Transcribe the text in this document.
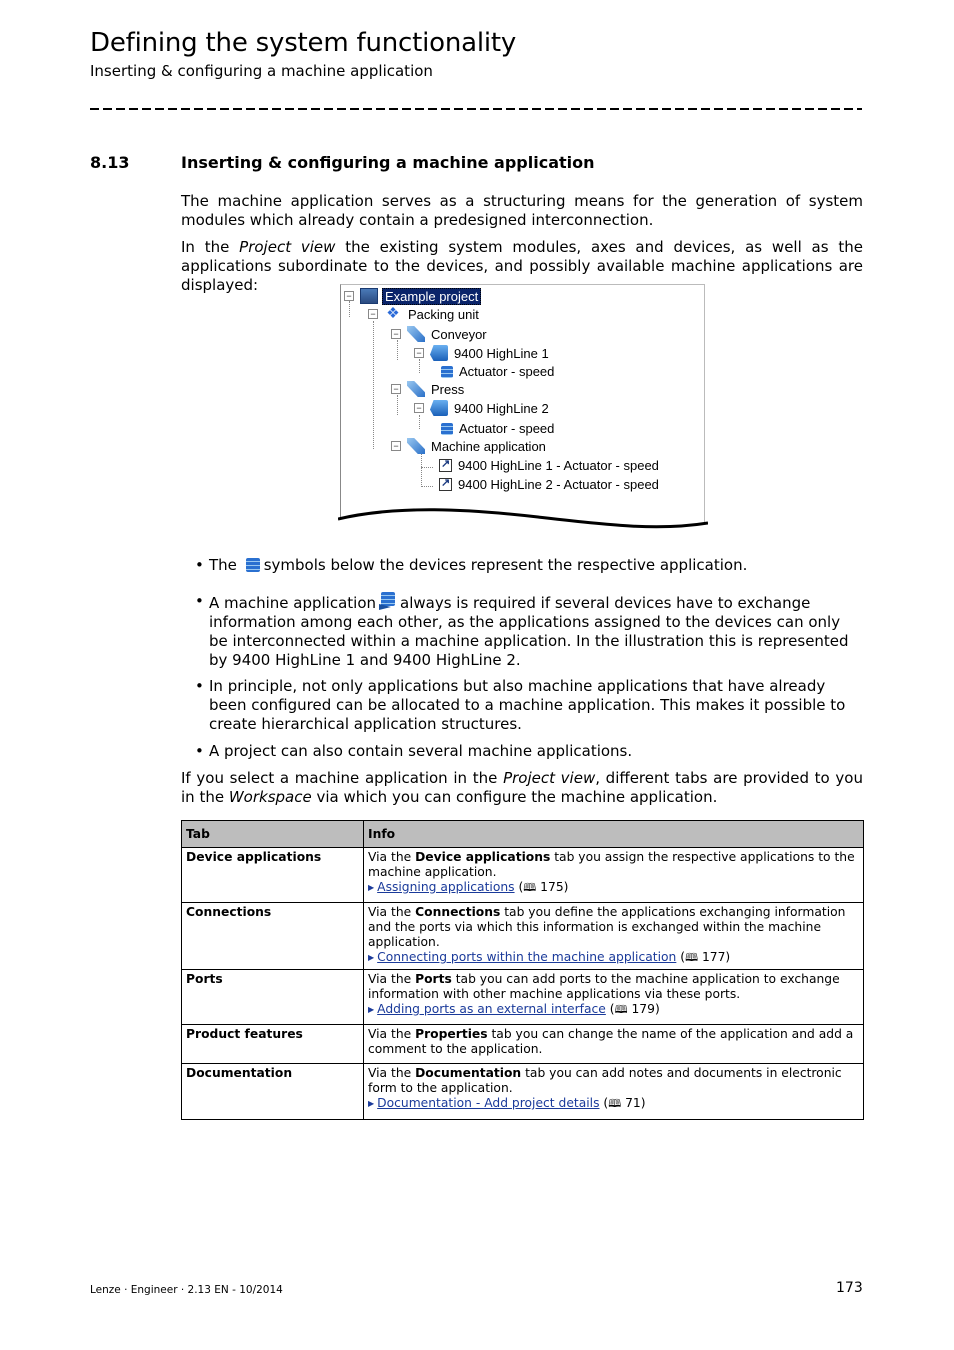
Defining the system functionality
Inserting & configuring a machine application
8.13	Inserting & configuring a machine application

The machine application serves as a structuring means for the generation of system modules which already contain a predesigned interconnection.

In the Project view the existing system modules, axes and devices, as well as the applications subordinate to the devices, and possibly available machine applications are displayed:

−	Example project
− ❖ Packing unit
− Conveyor
− 9400 HighLine 1
Actuator - speed
− Press
− 9400 HighLine 2
Actuator - speed
− Machine application
↗
9400 HighLine 1 - Actuator - speed
↗
9400 HighLine 2 - Actuator - speed
• The symbols below the devices represent the respective application.
• A machine application always is required if several devices have to exchange information among each other, as the applications assigned to the devices can only be interconnected within a machine application. In the illustration this is represented by 9400 HighLine 1 and 9400 HighLine 2.
• In principle, not only applications but also machine applications that have already been configured can be allocated to a machine application. This makes it possible to create hierarchical application structures.
• A project can also contain several machine applications.

If you select a machine application in the Project view, different tabs are provided to you in the Workspace via which you can configure the machine application.

Tab	Info
Device applications	Via the Device applications tab you assign the respective applications to the machine application.
▶ Assigning applications (🕮 175)
Connections	Via the Connections tab you define the applications exchanging information and the ports via which this information is exchanged within the machine application.
▶ Connecting ports within the machine application (🕮 177)
Ports	Via the Ports tab you can add ports to the machine application to exchange information with other machine applications via these ports.
▶ Adding ports as an external interface (🕮 179)
Product features	Via the Properties tab you can change the name of the application and add a comment to the application.
Documentation	Via the Documentation tab you can add notes and documents in electronic form to the application.
▶ Documentation - Add project details (🕮 71)
Lenze · Engineer · 2.13 EN - 10/2014	173
